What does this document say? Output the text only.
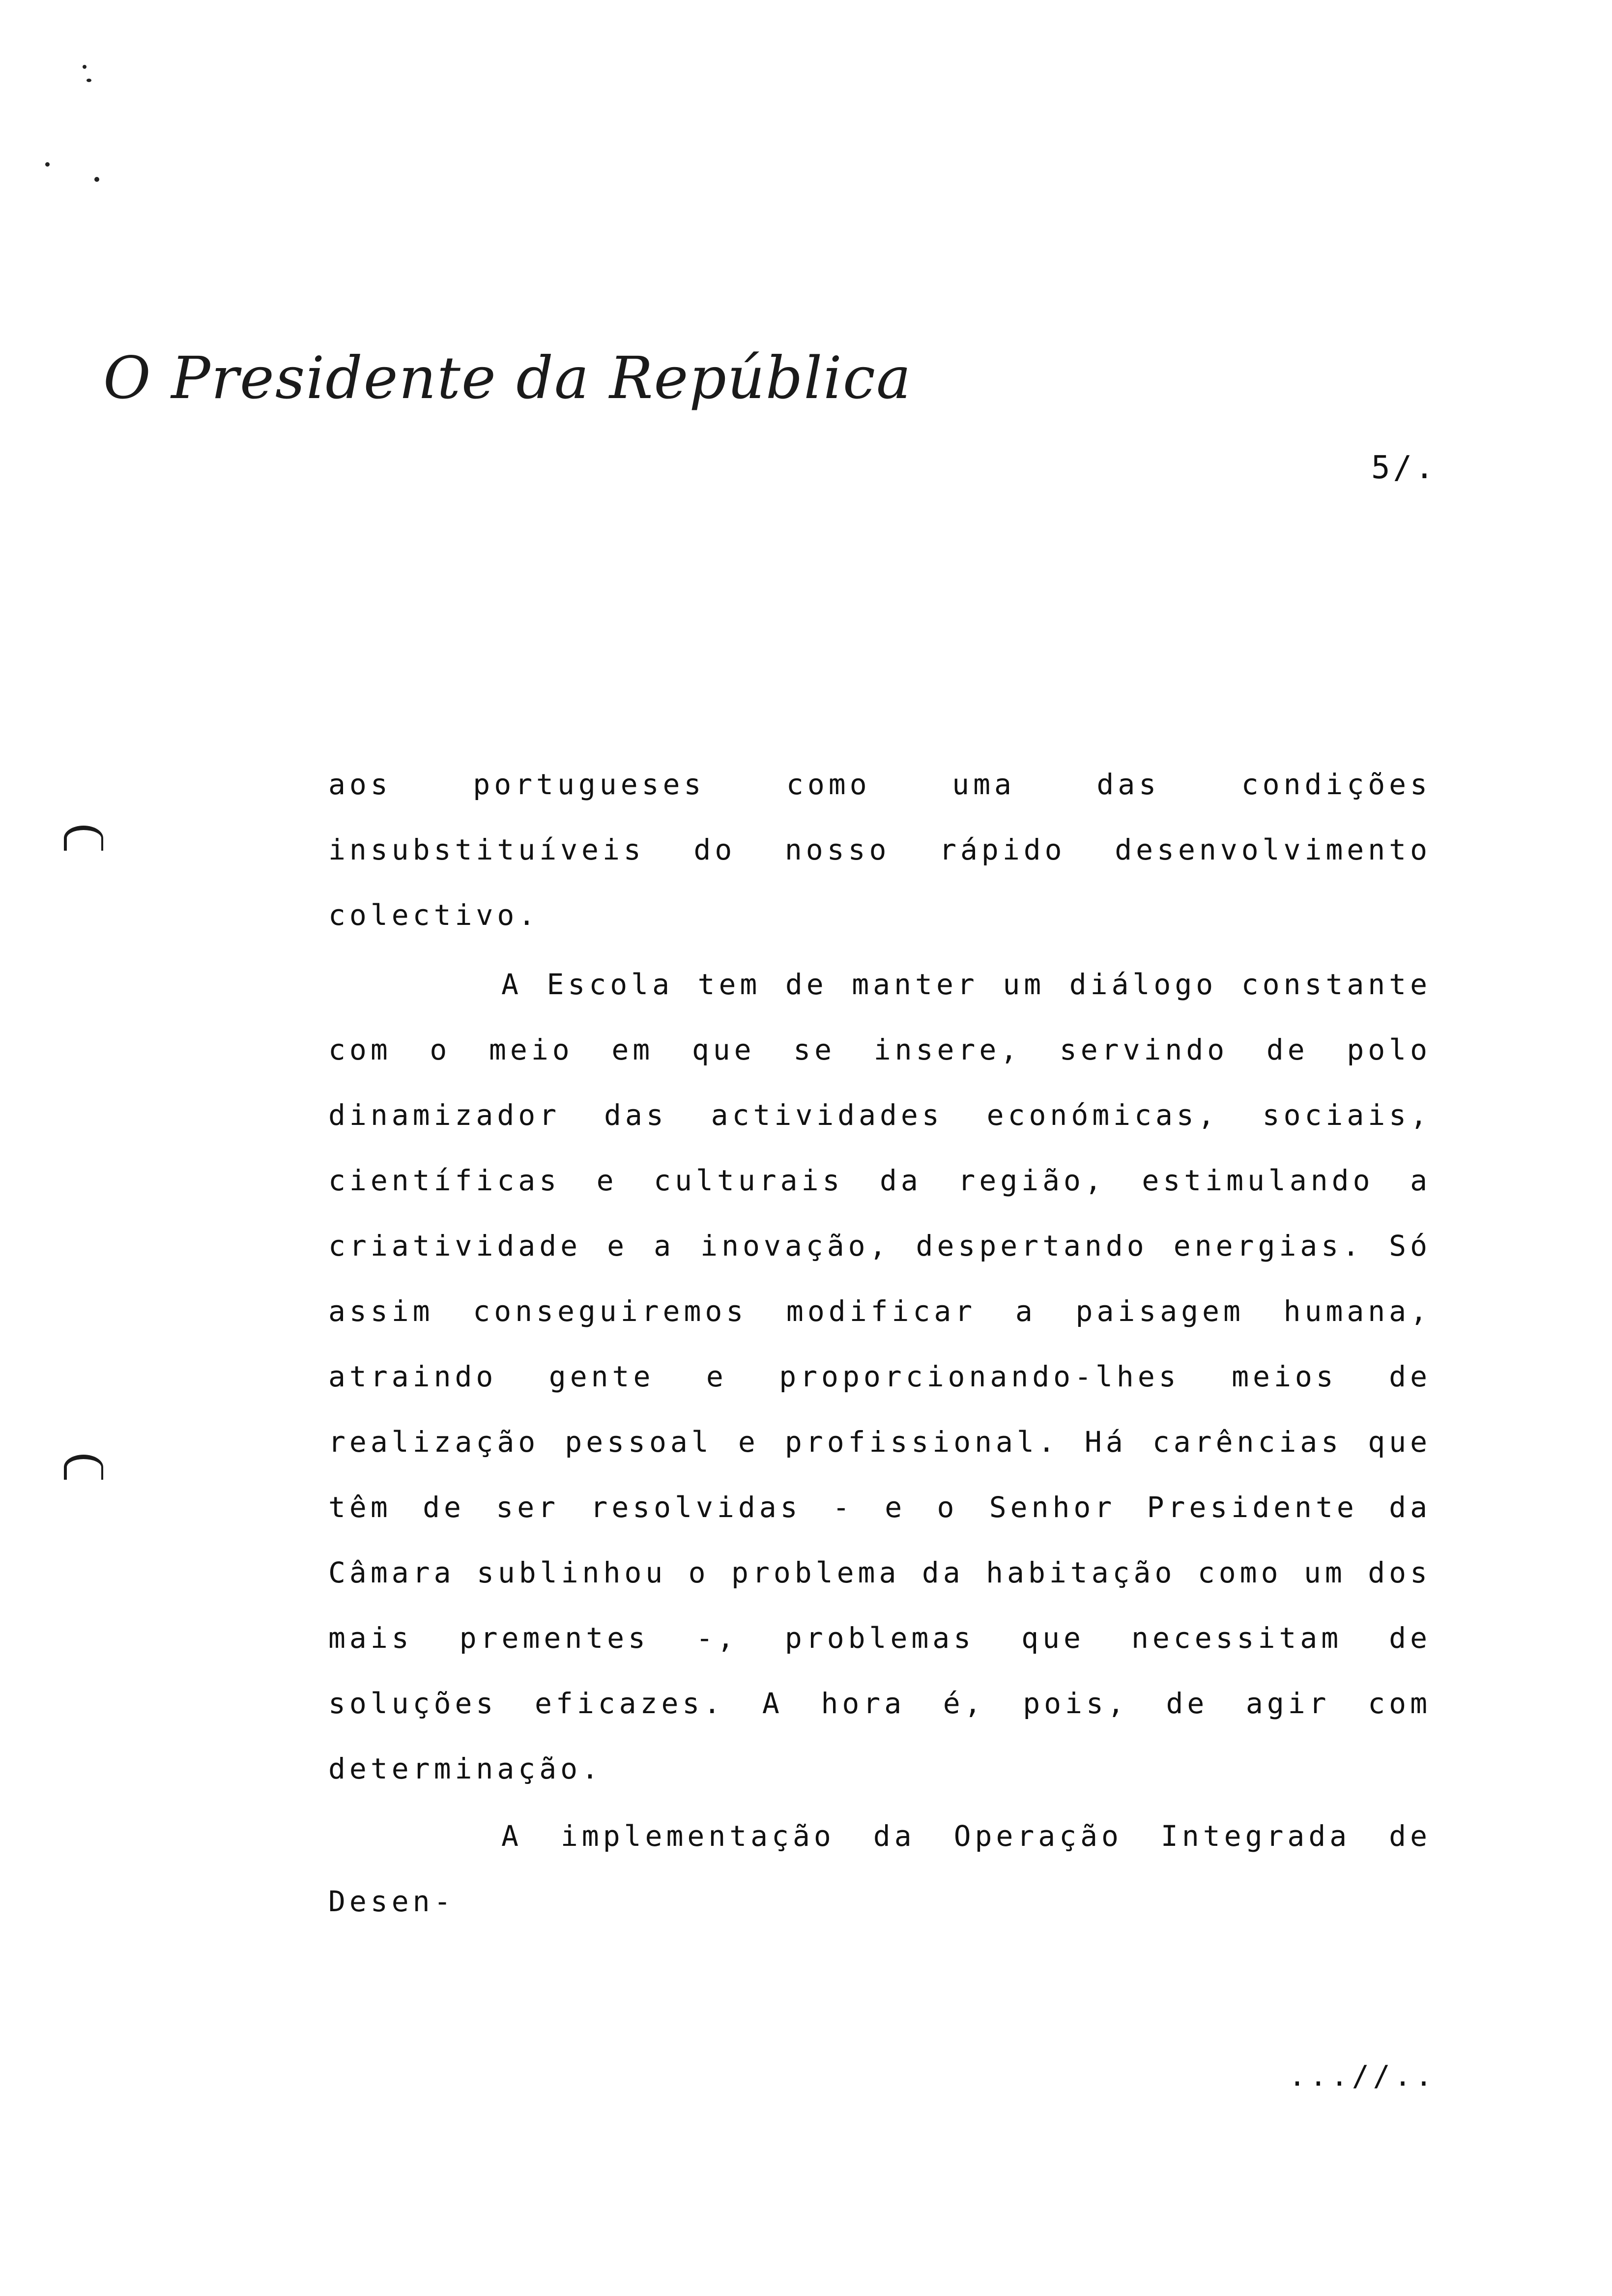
O Presidente da República
5/.
aos portugueses como uma das condições insubstituíveis do nosso rápido desenvolvimento colectivo.
A Escola tem de manter um diálogo constante com o meio em que se insere, servindo de polo dinamizador das actividades económicas, sociais, científicas e culturais da região, estimulando a criatividade e a inovação, despertando energias. Só assim conseguiremos modificar a paisagem humana, atraindo gente e proporcionando-lhes meios de realização pessoal e profissional. Há carências que têm de ser resolvidas - e o Senhor Presidente da Câmara sublinhou o problema da habitação como um dos mais prementes -, problemas que necessitam de soluções eficazes. A hora é, pois, de agir com determinação.
A implementação da Operação Integrada de Desen-
...//..
